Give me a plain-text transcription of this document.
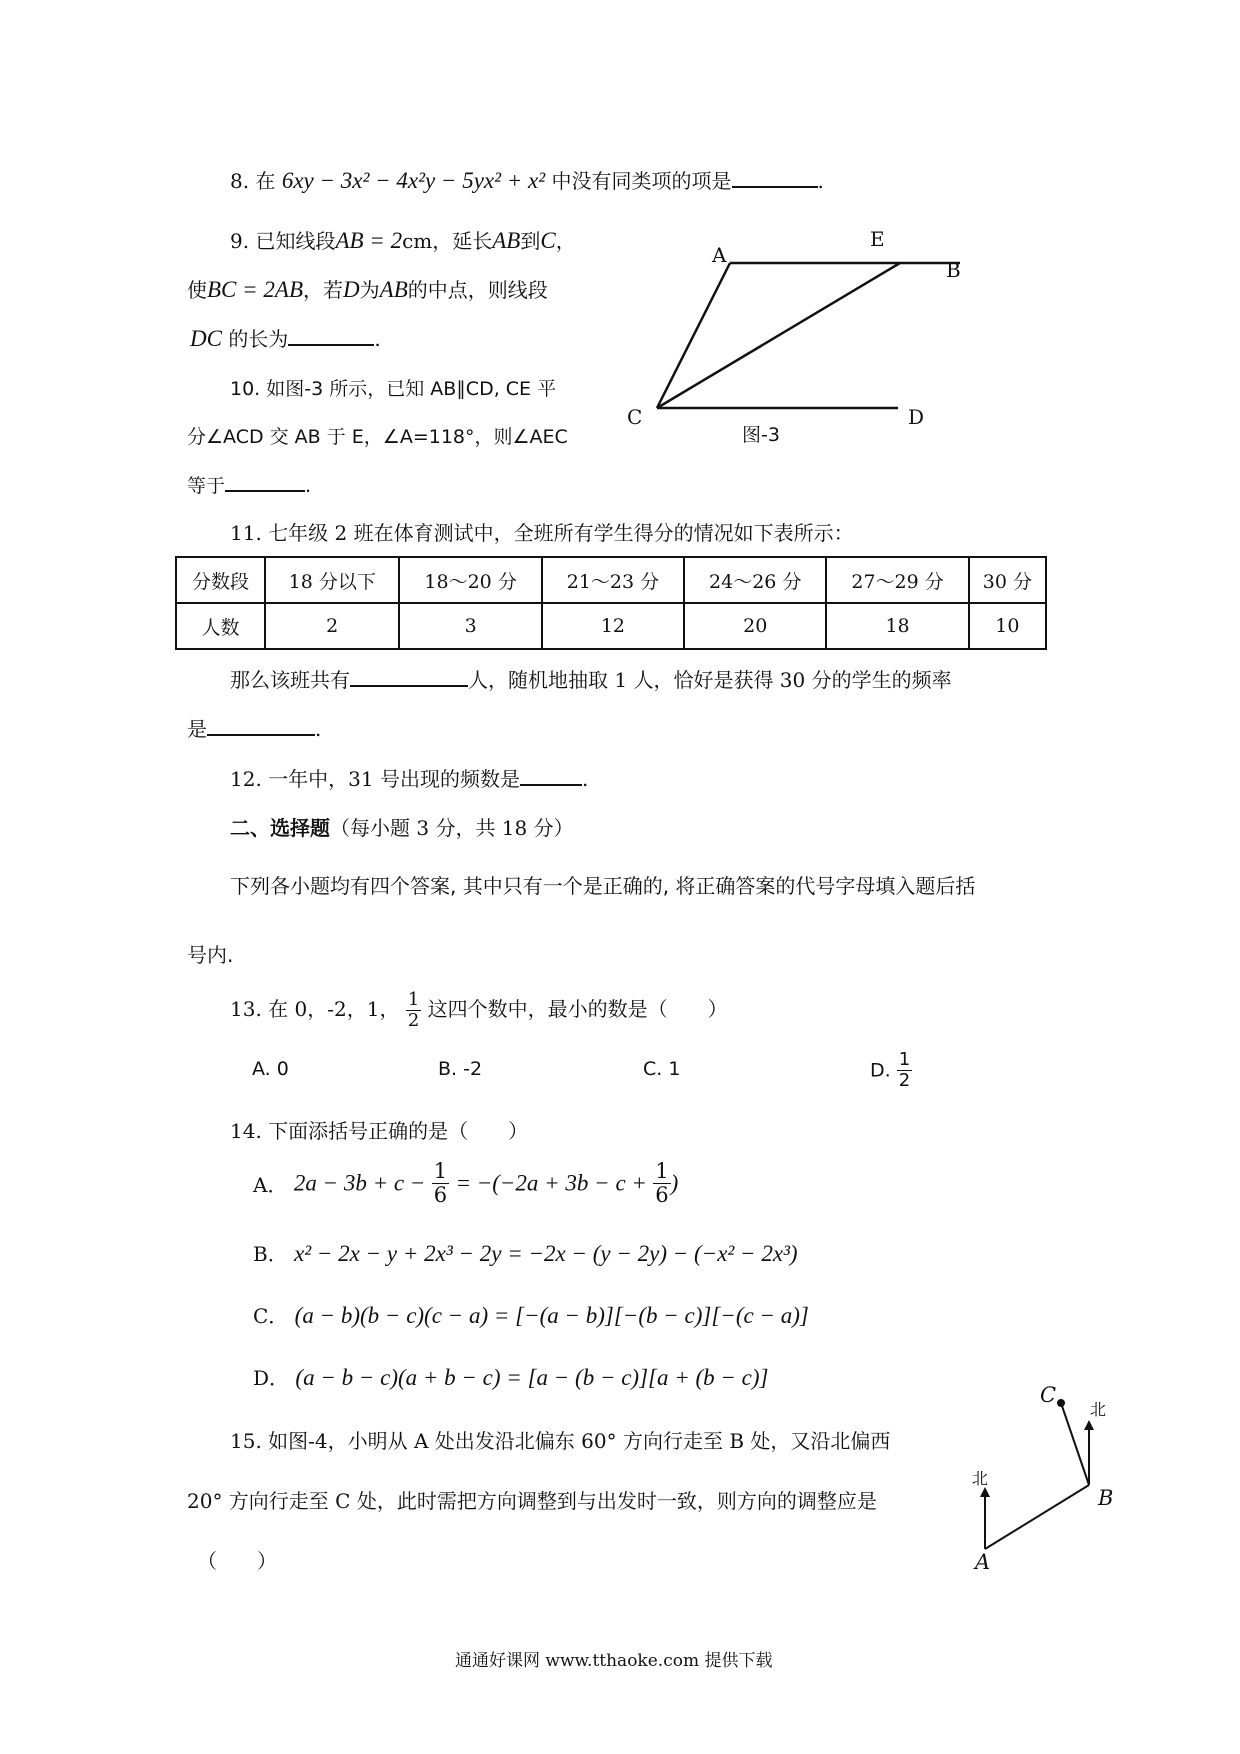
8. 在 6xy − 3x² − 4x²y − 5yx² + x² 中没有同类项的项是	.
9. 已知线段AB = 2cm，延长AB到C，
使BC = 2AB，若D为AB的中点，则线段
DC 的长为	.
10. 如图-3 所示，已知 AB∥CD, CE 平
分∠ACD 交 AB 于 E，∠A=118°，则∠AEC
等于	.
A
E
B
C	D
图-3
11. 七年级 2 班在体育测试中，全班所有学生得分的情况如下表所示：
分数段	18 分以下	18～20 分	21～23 分	24～26 分	27～29 分	30 分
人数	2	3	12	20	18	10
那么该班共有	人，随机地抽取 1 人，恰好是获得 30 分的学生的频率
是	.
12. 一年中，31 号出现的频数是	.
二、选择题（每小题 3 分，共 18 分）
下列各小题均有四个答案, 其中只有一个是正确的, 将正确答案的代号字母填入题后括
号内.
13. 在 0，-2，1， $\frac{1}{2}$ 这四个数中，最小的数是（　　）
A. 0	B. -2	C. 1	D. $\frac{1}{2}$
14. 下面添括号正确的是（　　）
A． $2a - 3b + c - \frac{1}{6} = -(-2a + 3b - c + \frac{1}{6}$ )
B． x² − 2x − y + 2x³ − 2y = −2x − (y − 2y) − (−x² − 2x³)
C． (a − b)(b − c)(c − a) = [−(a − b)][−(b − c)][−(c − a)]
D． (a − b − c)(a + b − c) = [a − (b − c)][a + (b − c)]
15. 如图-4，小明从 A 处出发沿北偏东 60° 方向行走至 B 处，又沿北偏西
20° 方向行走至 C 处，此时需把方向调整到与出发时一致，则方向的调整应是
（　　）
C
北
B
北
A
通通好课网 www.tthaoke.com 提供下载
